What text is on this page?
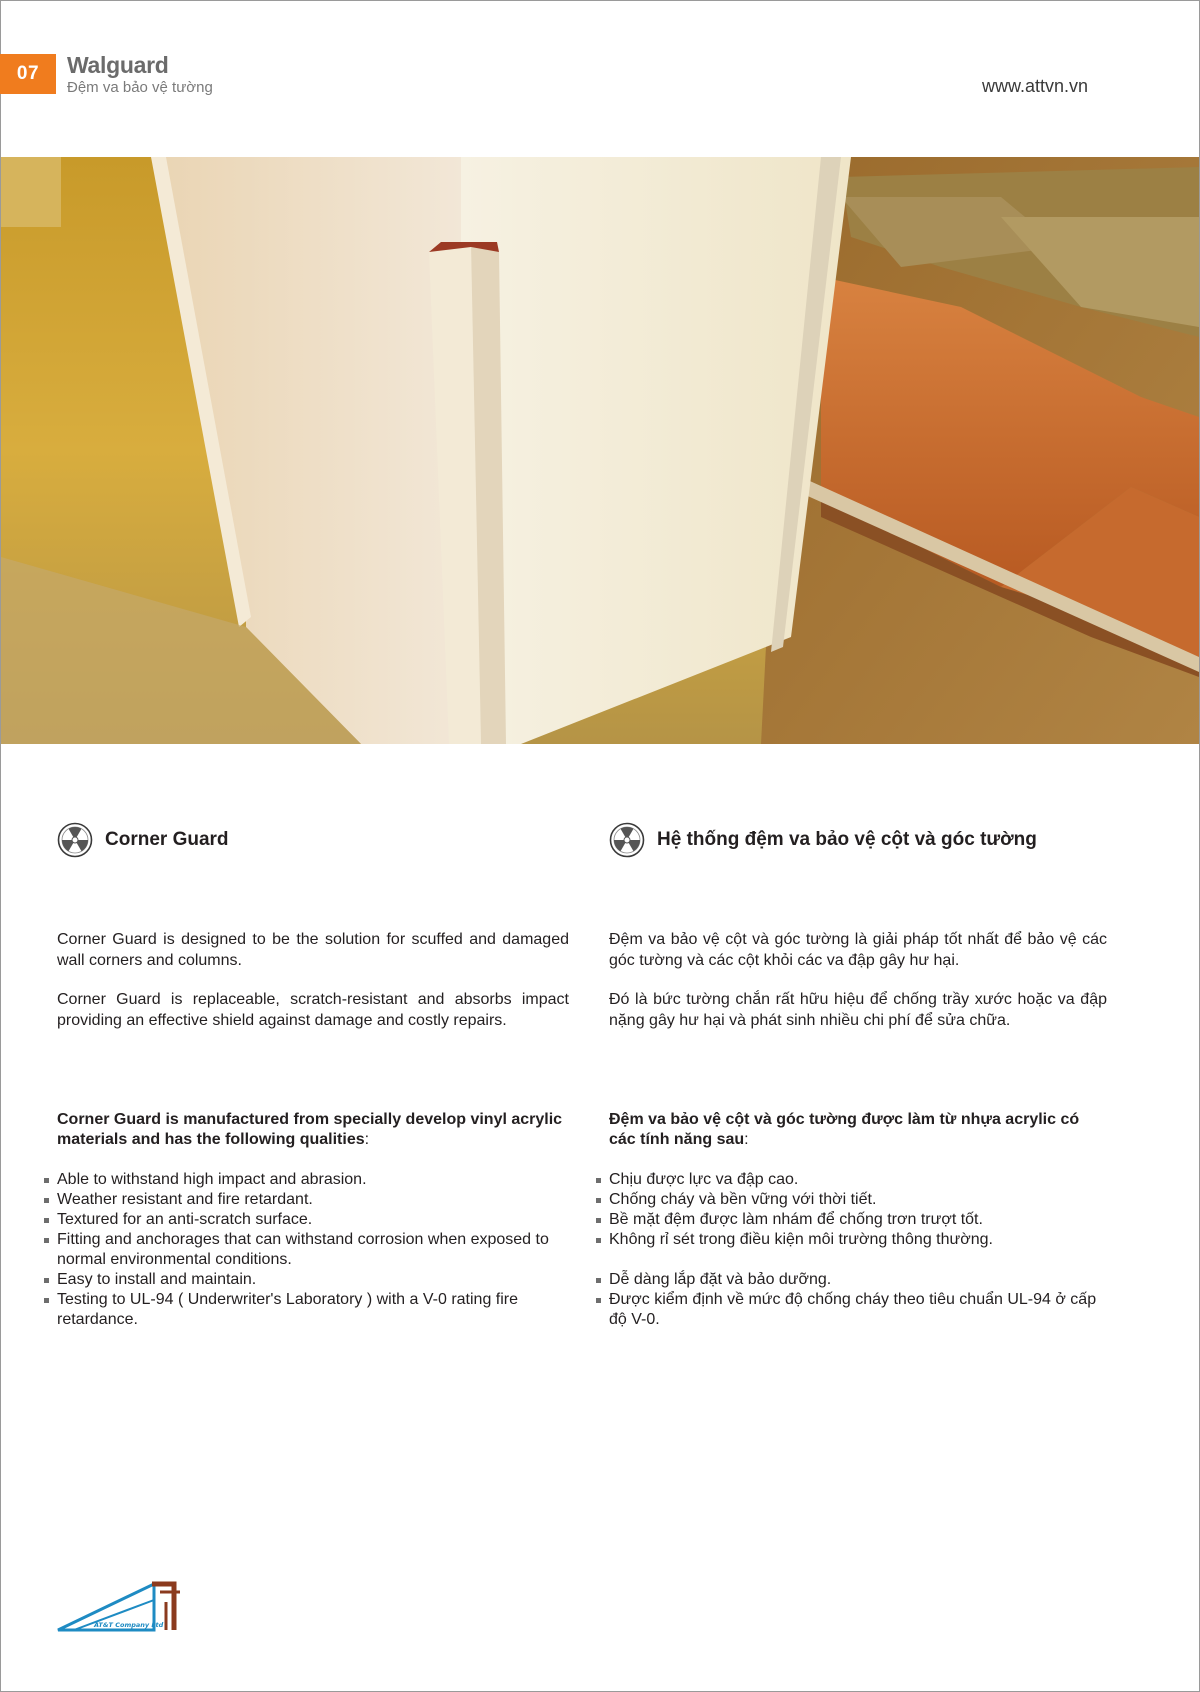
07	Walguard
Đệm va bảo vệ tường	www.attvn.vn
Corner Guard

Corner Guard is designed to be the solution for scuffed and damaged wall corners and columns.

Corner Guard is replaceable, scratch-resistant and absorbs impact providing an effective shield against damage and costly repairs.

Corner Guard is manufactured from specially develop vinyl acrylic materials and has the following qualities:

Able to withstand high impact and abrasion.
Weather resistant and fire retardant.
Textured for an anti-scratch surface.
Fitting and anchorages that can withstand corrosion when exposed to normal environmental conditions.
Easy to install and maintain.
Testing to UL-94 ( Underwriter's Laboratory ) with a V-0 rating fire retardance.
Hệ thống đệm va bảo vệ cột và góc tường

Đệm va bảo vệ cột và góc tường là giải pháp tốt nhất để bảo vệ các góc tường và các cột khỏi các va đập gây hư hại.

Đó là bức tường chắn rất hữu hiệu để chống trầy xước hoặc va đập nặng gây hư hại và phát sinh nhiều chi phí để sửa chữa.

Đệm va bảo vệ cột và góc tường được làm từ nhựa acrylic có các tính năng sau:

Chịu được lực va đập cao.
Chống cháy và bền vững với thời tiết.
Bề mặt đệm được làm nhám để chống trơn trượt tốt.
Không rỉ sét trong điều kiện môi trường thông thường.
Dễ dàng lắp đặt và bảo dưỡng.
Được kiểm định về mức độ chống cháy theo tiêu chuẩn UL-94 ở cấp độ V-0.
AT&T Company Ltd
